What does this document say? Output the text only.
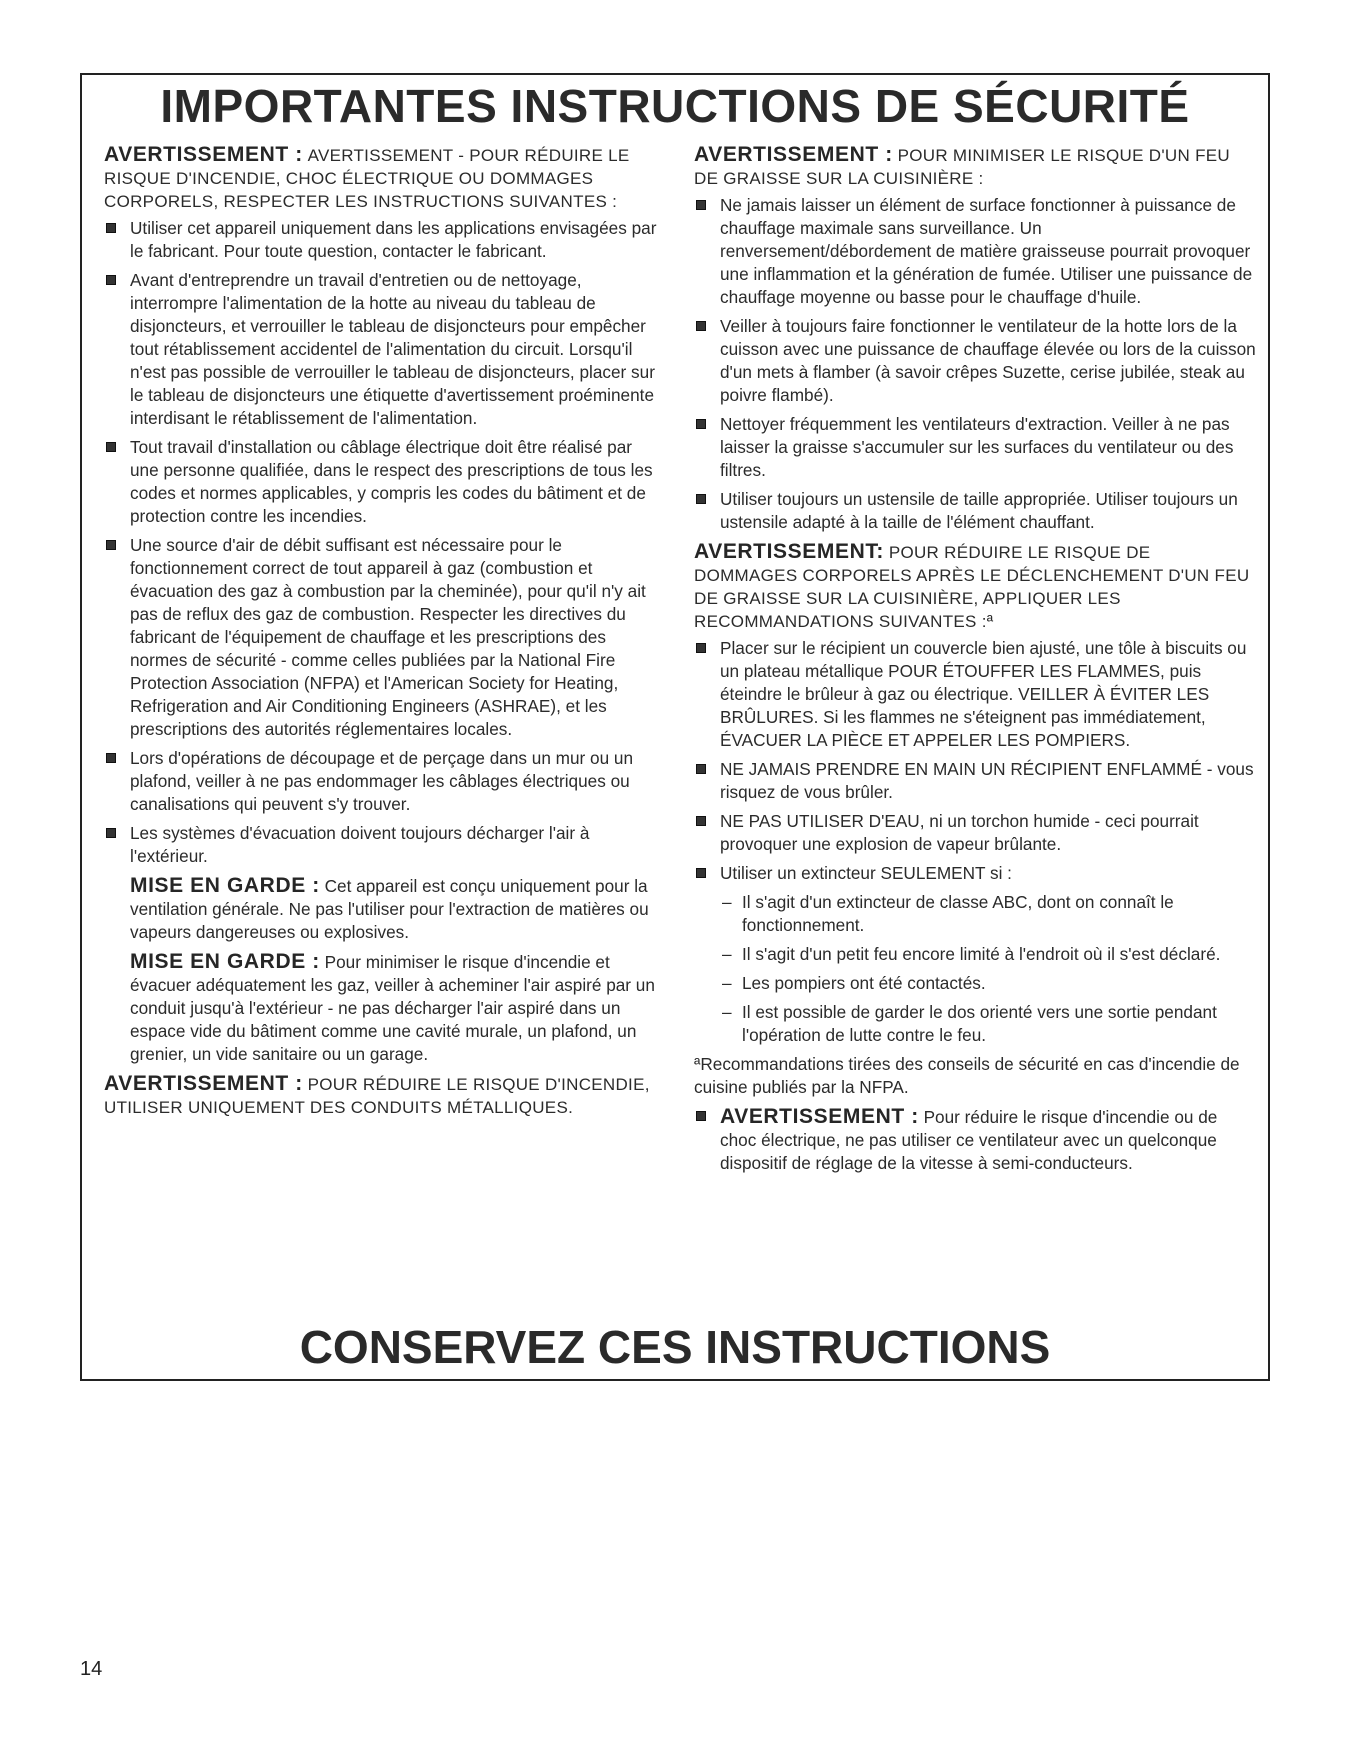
IMPORTANTES INSTRUCTIONS DE SÉCURITÉ

AVERTISSEMENT : AVERTISSEMENT - POUR RÉDUIRE LE RISQUE D'INCENDIE, CHOC ÉLECTRIQUE OU DOMMAGES CORPORELS, RESPECTER LES INSTRUCTIONS SUIVANTES :

Utiliser cet appareil uniquement dans les applications envisagées par le fabricant. Pour toute question, contacter le fabricant.
Avant d'entreprendre un travail d'entretien ou de nettoyage, interrompre l'alimentation de la hotte au niveau du tableau de disjoncteurs, et verrouiller le tableau de disjoncteurs pour empêcher tout rétablissement accidentel de l'alimentation du circuit. Lorsqu'il n'est pas possible de verrouiller le tableau de disjoncteurs, placer sur le tableau de disjoncteurs une étiquette d'avertissement proéminente interdisant le rétablissement de l'alimentation.
Tout travail d'installation ou câblage électrique doit être réalisé par une personne qualifiée, dans le respect des prescriptions de tous les codes et normes applicables, y compris les codes du bâtiment et de protection contre les incendies.
Une source d'air de débit suffisant est nécessaire pour le fonctionnement correct de tout appareil à gaz (combustion et évacuation des gaz à combustion par la cheminée), pour qu'il n'y ait pas de reflux des gaz de combustion. Respecter les directives du fabricant de l'équipement de chauffage et les prescriptions des normes de sécurité - comme celles publiées par la National Fire Protection Association (NFPA) et l'American Society for Heating, Refrigeration and Air Conditioning Engineers (ASHRAE), et les prescriptions des autorités réglementaires locales.
Lors d'opérations de découpage et de perçage dans un mur ou un plafond, veiller à ne pas endommager les câblages électriques ou canalisations qui peuvent s'y trouver.
Les systèmes d'évacuation doivent toujours décharger l'air à l'extérieur.

MISE EN GARDE : Cet appareil est conçu uniquement pour la ventilation générale. Ne pas l'utiliser pour l'extraction de matières ou vapeurs dangereuses ou explosives.

MISE EN GARDE : Pour minimiser le risque d'incendie et évacuer adéquatement les gaz, veiller à acheminer l'air aspiré par un conduit jusqu'à l'extérieur - ne pas décharger l'air aspiré dans un espace vide du bâtiment comme une cavité murale, un plafond, un grenier, un vide sanitaire ou un garage.

AVERTISSEMENT : POUR RÉDUIRE LE RISQUE D'INCENDIE, UTILISER UNIQUEMENT DES CONDUITS MÉTALLIQUES.

AVERTISSEMENT : POUR MINIMISER LE RISQUE D'UN FEU DE GRAISSE SUR LA CUISINIÈRE :

Ne jamais laisser un élément de surface fonctionner à puissance de chauffage maximale sans surveillance. Un renversement/débordement de matière graisseuse pourrait provoquer une inflammation et la génération de fumée. Utiliser une puissance de chauffage moyenne ou basse pour le chauffage d'huile.
Veiller à toujours faire fonctionner le ventilateur de la hotte lors de la cuisson avec une puissance de chauffage élevée ou lors de la cuisson d'un mets à flamber (à savoir crêpes Suzette, cerise jubilée, steak au poivre flambé).
Nettoyer fréquemment les ventilateurs d'extraction. Veiller à ne pas laisser la graisse s'accumuler sur les surfaces du ventilateur ou des filtres.
Utiliser toujours un ustensile de taille appropriée. Utiliser toujours un ustensile adapté à la taille de l'élément chauffant.

AVERTISSEMENT: POUR RÉDUIRE LE RISQUE DE DOMMAGES CORPORELS APRÈS LE DÉCLENCHEMENT D'UN FEU DE GRAISSE SUR LA CUISINIÈRE, APPLIQUER LES RECOMMANDATIONS SUIVANTES :ª

Placer sur le récipient un couvercle bien ajusté, une tôle à biscuits ou un plateau métallique POUR ÉTOUFFER LES FLAMMES, puis éteindre le brûleur à gaz ou électrique. VEILLER À ÉVITER LES BRÛLURES. Si les flammes ne s'éteignent pas immédiatement, ÉVACUER LA PIÈCE ET APPELER LES POMPIERS.
NE JAMAIS PRENDRE EN MAIN UN RÉCIPIENT ENFLAMMÉ - vous risquez de vous brûler.
NE PAS UTILISER D'EAU, ni un torchon humide - ceci pourrait provoquer une explosion de vapeur brûlante.
Utiliser un extincteur SEULEMENT si :
– Il s'agit d'un extincteur de classe ABC, dont on connaît le fonctionnement.
– Il s'agit d'un petit feu encore limité à l'endroit où il s'est déclaré.
– Les pompiers ont été contactés.
– Il est possible de garder le dos orienté vers une sortie pendant l'opération de lutte contre le feu.

ªRecommandations tirées des conseils de sécurité en cas d'incendie de cuisine publiés par la NFPA.

AVERTISSEMENT : Pour réduire le risque d'incendie ou de choc électrique, ne pas utiliser ce ventilateur avec un quelconque dispositif de réglage de la vitesse à semi-conducteurs.
CONSERVEZ CES INSTRUCTIONS
14
